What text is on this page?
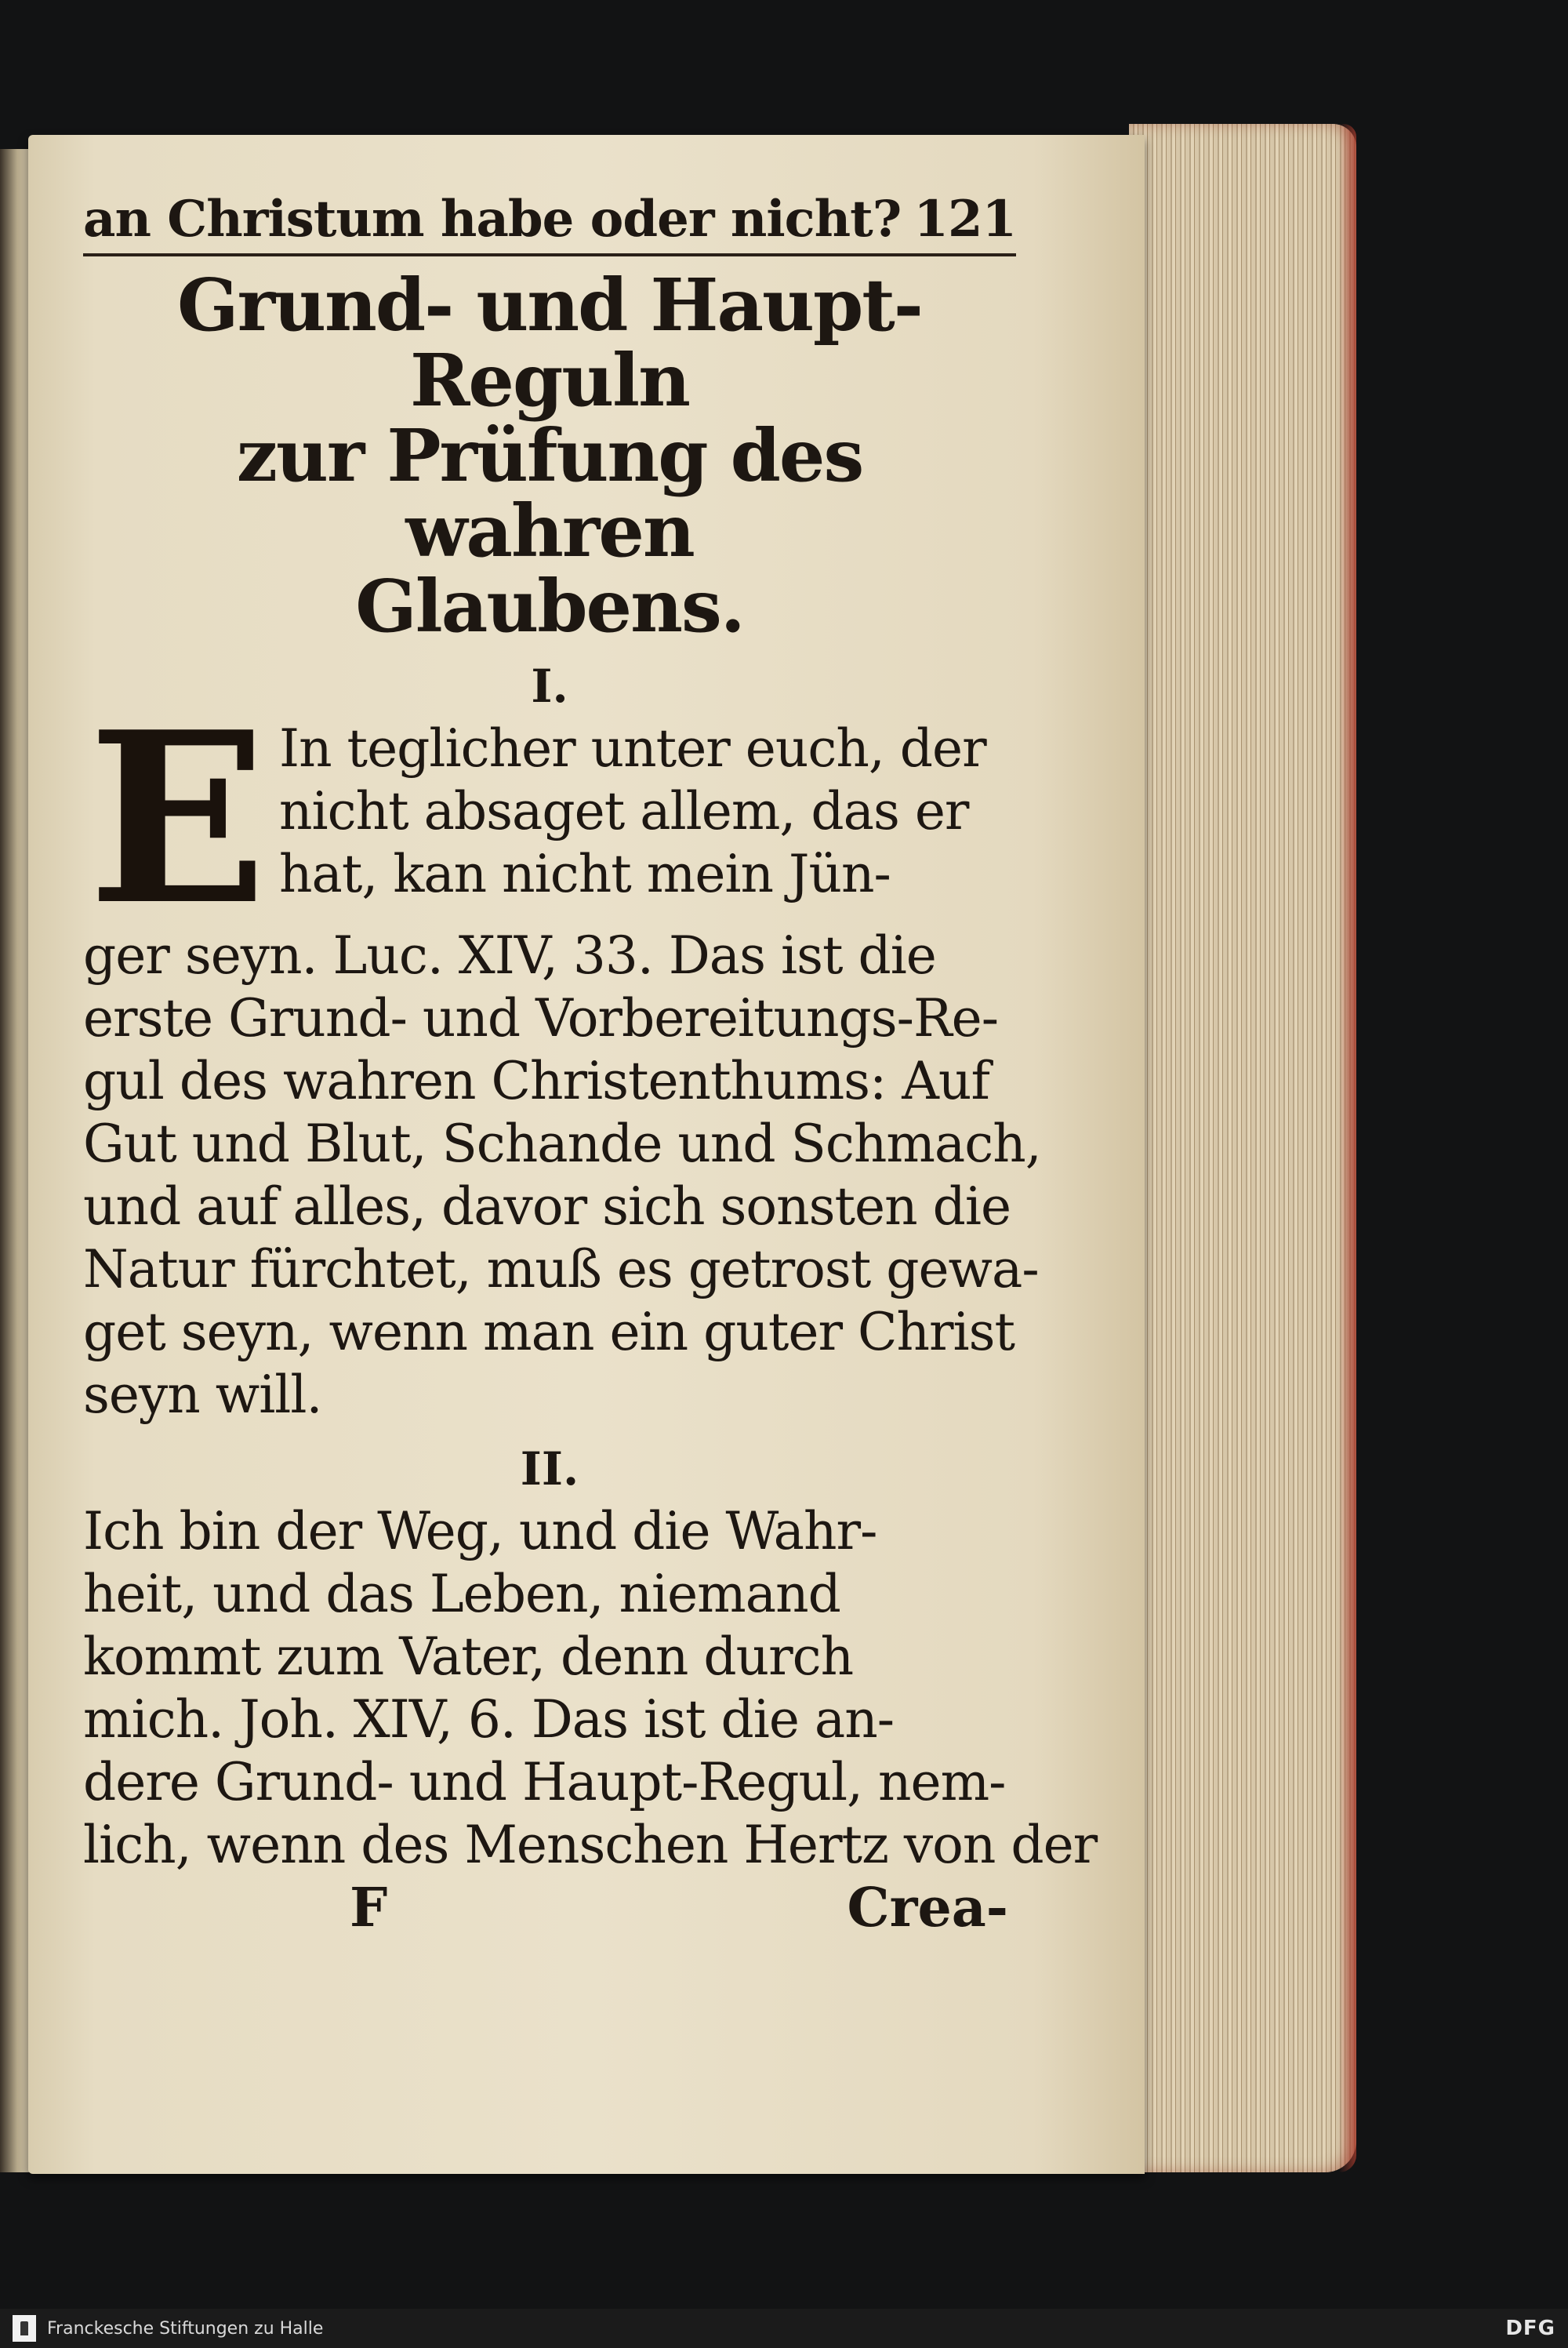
an Christum habe oder nicht? 121
Grund- und Haupt-Reguln
zur Prüfung des wahren
Glaubens.
I.
E In teglicher unter euch, der
nicht absaget allem, das er
hat, kan nicht mein Jün-
ger seyn. Luc. XIV, 33. Das ist die
erste Grund- und Vorbereitungs-Re-
gul des wahren Christenthums: Auf
Gut und Blut, Schande und Schmach,
und auf alles, davor sich sonsten die
Natur fürchtet, muß es getrost gewa-
get seyn, wenn man ein guter Christ
seyn will.
II.
Ich bin der Weg, und die Wahr-
heit, und das Leben, niemand
kommt zum Vater, denn durch
mich. Joh. XIV, 6. Das ist die an-
dere Grund- und Haupt-Regul, nem-
lich, wenn des Menschen Hertz von der
F	Crea-
Franckesche Stiftungen zu Halle	DFG
